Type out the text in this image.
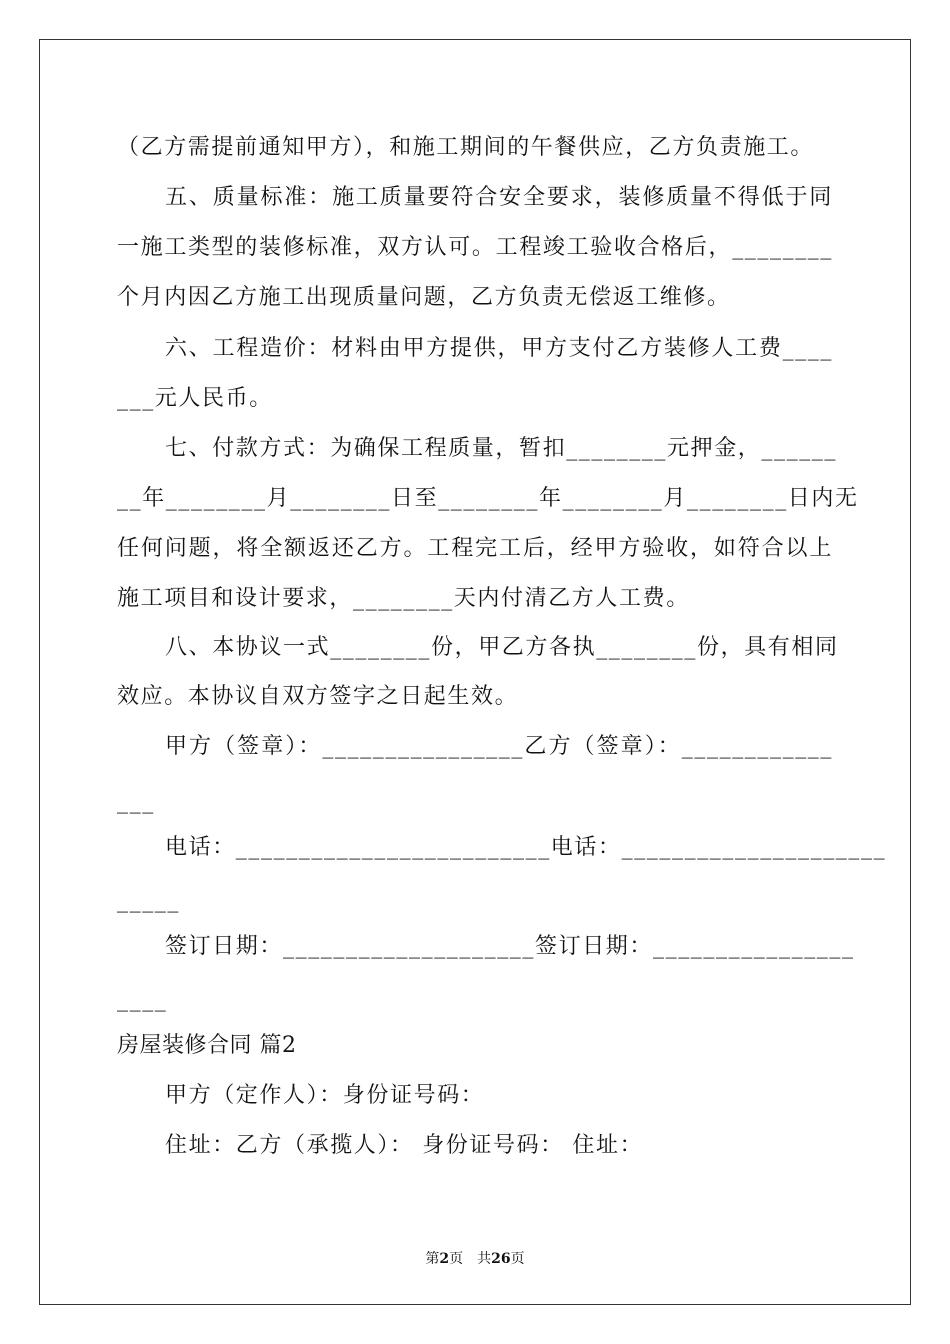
（乙方需提前通知甲方），和施工期间的午餐供应，乙方负责施工。
五、质量标准：施工质量要符合安全要求，装修质量不得低于同
一施工类型的装修标准，双方认可。工程竣工验收合格后，________
个月内因乙方施工出现质量问题，乙方负责无偿返工维修。
六、工程造价：材料由甲方提供，甲方支付乙方装修人工费____
___元人民币。
七、付款方式：为确保工程质量，暂扣________元押金，______
__年________月________日至________年________月________日内无
任何问题，将全额返还乙方。工程完工后，经甲方验收，如符合以上
施工项目和设计要求，________天内付清乙方人工费。
八、本协议一式________份，甲乙方各执________份，具有相同
效应。本协议自双方签字之日起生效。
甲方（签章）：________________乙方（签章）：____________
___
电话：_________________________电话：_____________________
_____
签订日期：____________________签订日期：________________
____
房屋装修合同 篇2
甲方（定作人）：身份证号码：
住址：乙方（承揽人）： 身份证号码： 住址：
第2页　共26页
